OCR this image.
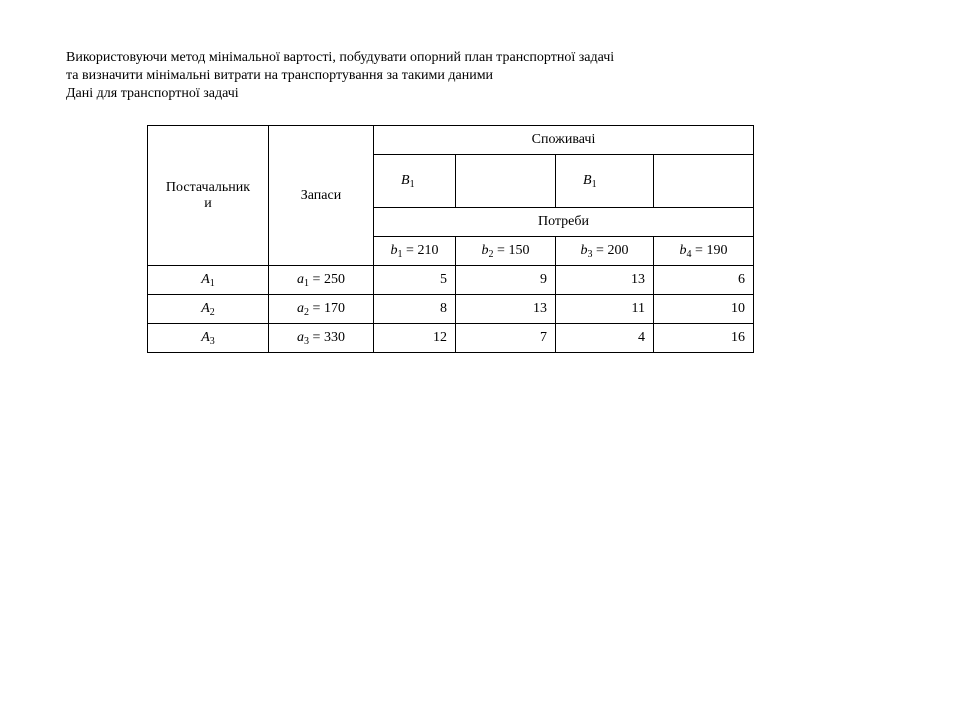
Використовуючи метод мінімальної вартості, побудувати опорний план транспортної задачі
та визначити мінімальні витрати на транспортування за такими даними
Дані для транспортної задачі
Постачальник
и	Запаси	Споживачі			
		$B_1$		$B_1$	
		Потреби			
		$b_1 = 210$	$b_2 = 150$	$b_3 = 200$	$b_4 = 190$
$A_1$	$a_1 = 250$	5	9	13	6
$A_2$	$a_2 = 170$	8	13	11	10
$A_3$	$a_3 = 330$	12	7	4	16
